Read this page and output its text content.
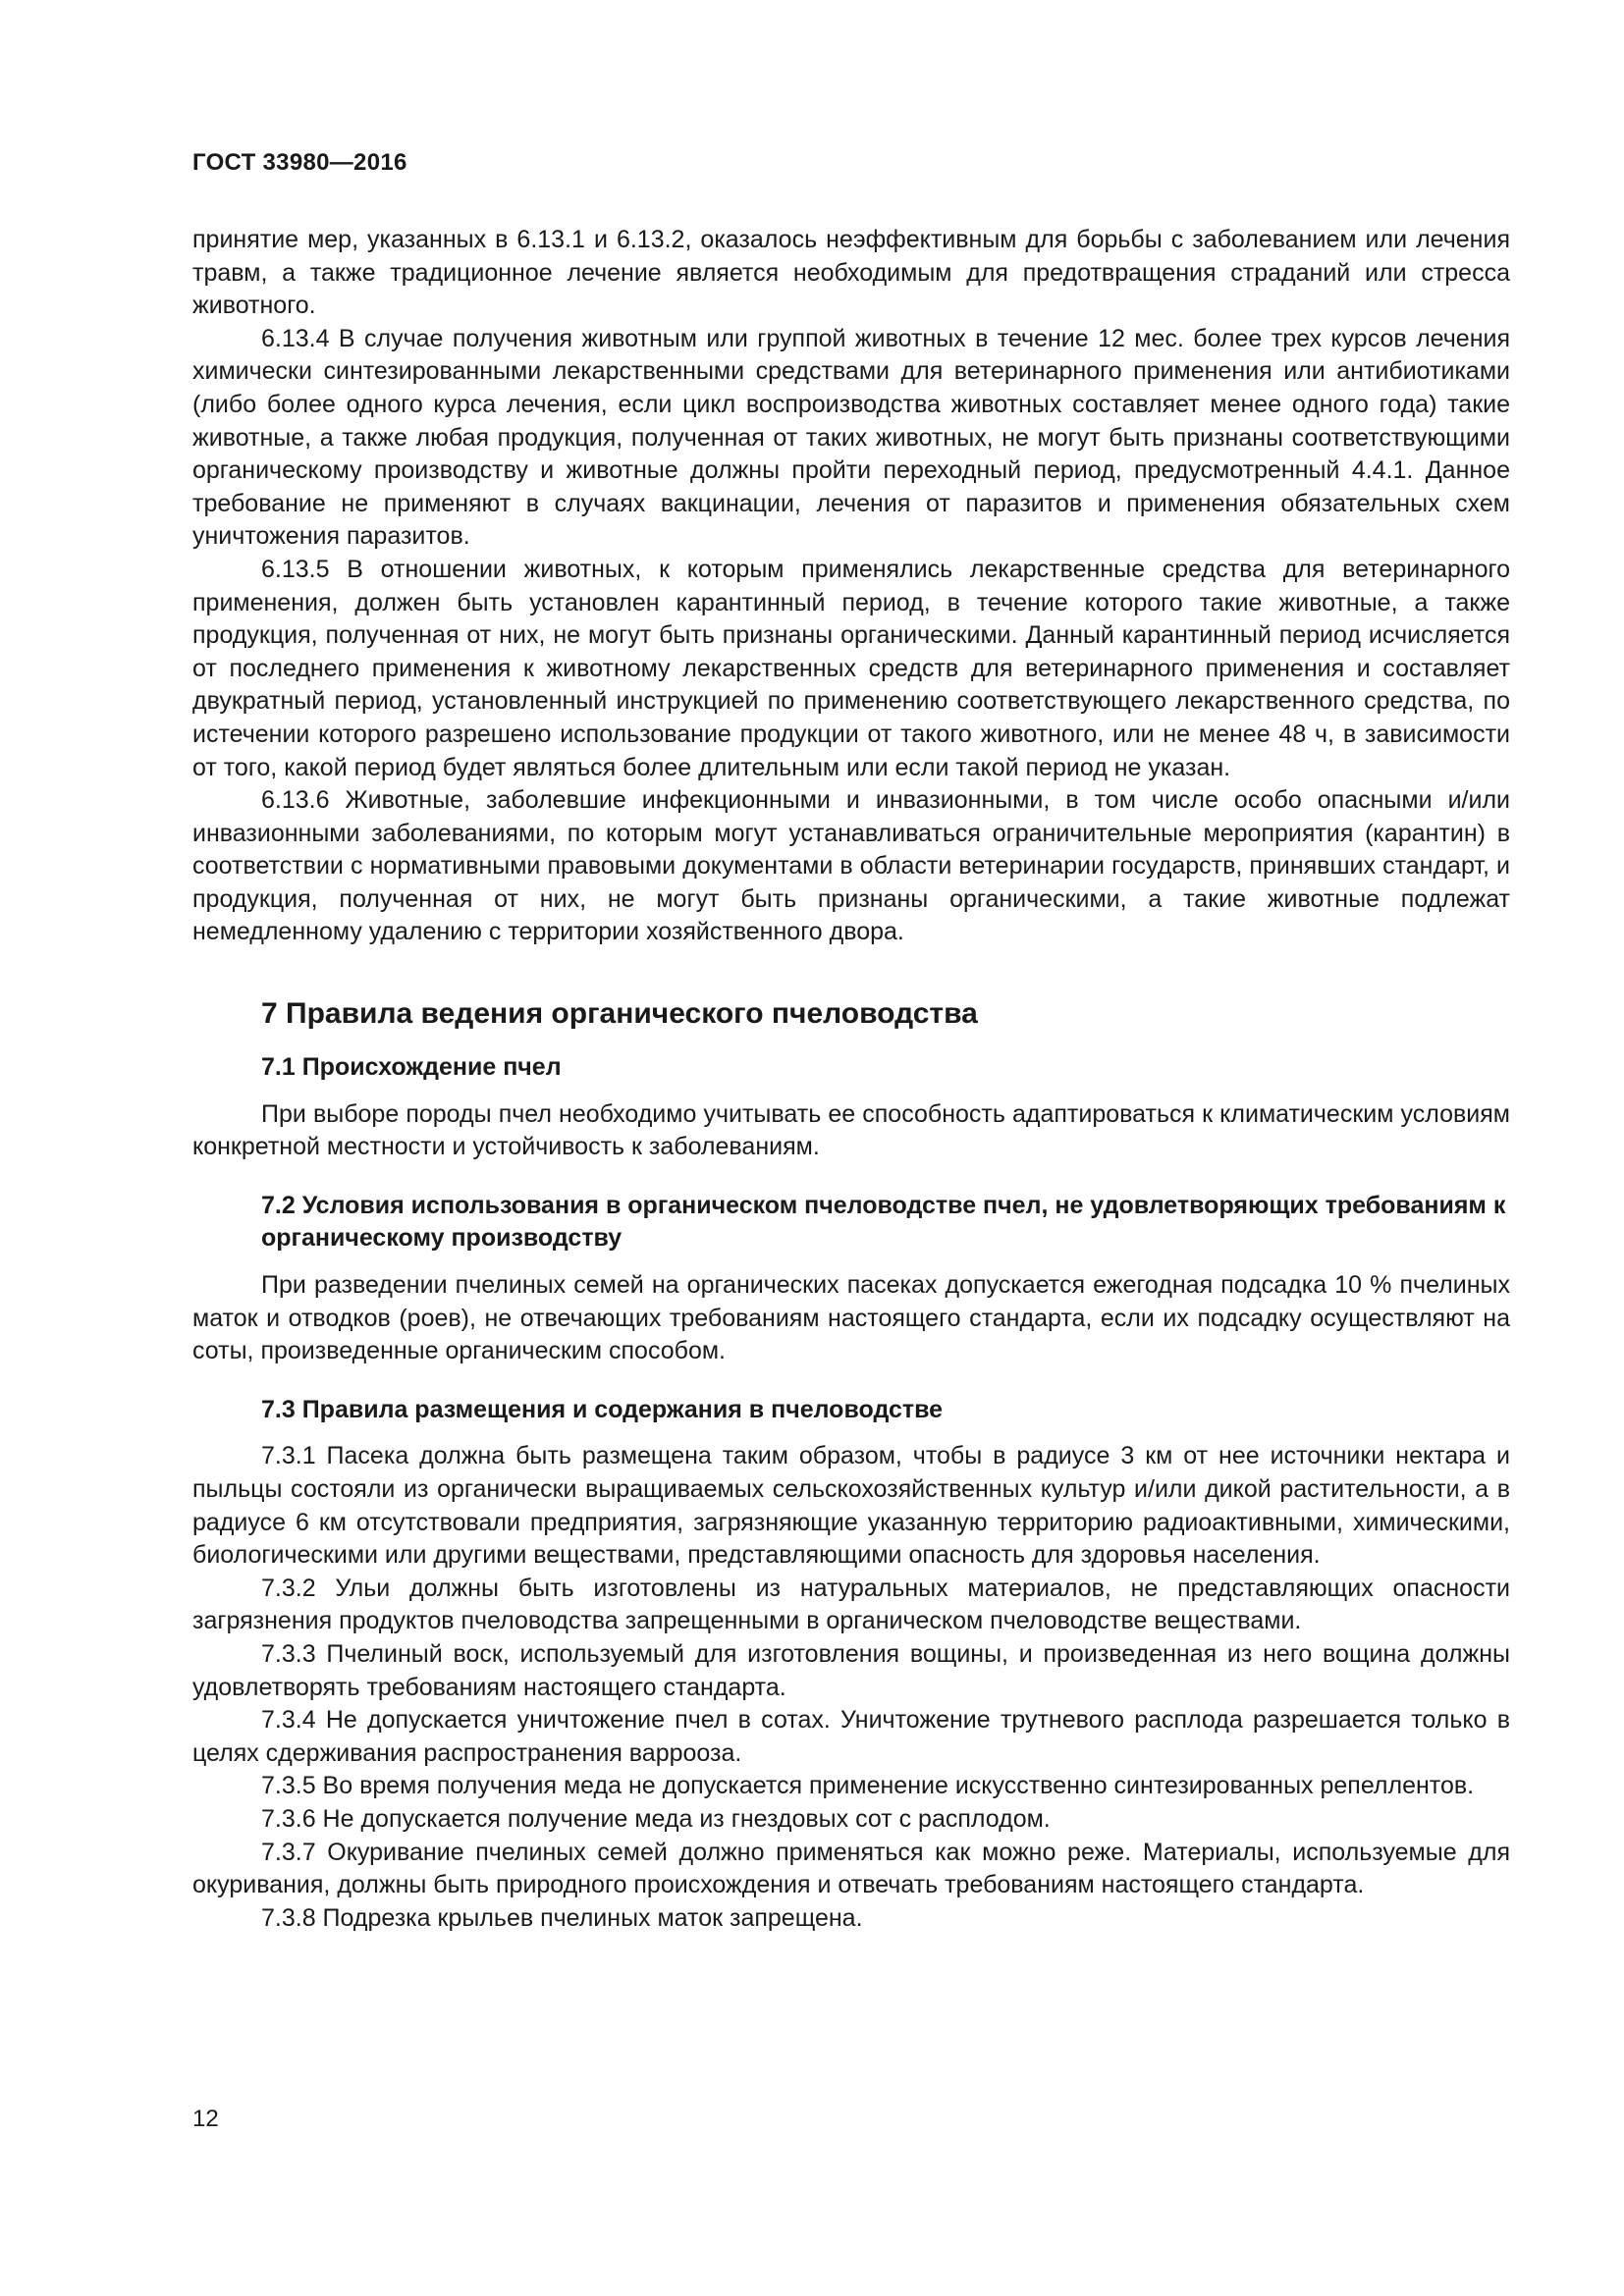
ГОСТ 33980—2016

принятие мер, указанных в 6.13.1 и 6.13.2, оказалось неэффективным для борьбы с заболеванием или лечения травм, а также традиционное лечение является необходимым для предотвращения страданий или стресса животного.

6.13.4 В случае получения животным или группой животных в течение 12 мес. более трех курсов лечения химически синтезированными лекарственными средствами для ветеринарного применения или антибиотиками (либо более одного курса лечения, если цикл воспроизводства животных составляет менее одного года) такие животные, а также любая продукция, полученная от таких животных, не могут быть признаны соответствующими органическому производству и животные должны пройти переходный период, предусмотренный 4.4.1. Данное требование не применяют в случаях вакцинации, лечения от паразитов и применения обязательных схем уничтожения паразитов.

6.13.5 В отношении животных, к которым применялись лекарственные средства для ветеринарного применения, должен быть установлен карантинный период, в течение которого такие животные, а также продукция, полученная от них, не могут быть признаны органическими. Данный карантинный период исчисляется от последнего применения к животному лекарственных средств для ветеринарного применения и составляет двукратный период, установленный инструкцией по применению соответствующего лекарственного средства, по истечении которого разрешено использование продукции от такого животного, или не менее 48 ч, в зависимости от того, какой период будет являться более длительным или если такой период не указан.

6.13.6 Животные, заболевшие инфекционными и инвазионными, в том числе особо опасными и/или инвазионными заболеваниями, по которым могут устанавливаться ограничительные мероприятия (карантин) в соответствии с нормативными правовыми документами в области ветеринарии государств, принявших стандарт, и продукция, полученная от них, не могут быть признаны органическими, а такие животные подлежат немедленному удалению с территории хозяйственного двора.

7 Правила ведения органического пчеловодства
7.1 Происхождение пчел

При выборе породы пчел необходимо учитывать ее способность адаптироваться к климатическим условиям конкретной местности и устойчивость к заболеваниям.

7.2 Условия использования в органическом пчеловодстве пчел, не удовлетворяющих требованиям к органическому производству

При разведении пчелиных семей на органических пасеках допускается ежегодная подсадка 10 % пчелиных маток и отводков (роев), не отвечающих требованиям настоящего стандарта, если их подсадку осуществляют на соты, произведенные органическим способом.

7.3 Правила размещения и содержания в пчеловодстве

7.3.1 Пасека должна быть размещена таким образом, чтобы в радиусе 3 км от нее источники нектара и пыльцы состояли из органически выращиваемых сельскохозяйственных культур и/или дикой растительности, а в радиусе 6 км отсутствовали предприятия, загрязняющие указанную территорию радиоактивными, химическими, биологическими или другими веществами, представляющими опасность для здоровья населения.

7.3.2 Ульи должны быть изготовлены из натуральных материалов, не представляющих опасности загрязнения продуктов пчеловодства запрещенными в органическом пчеловодстве веществами.

7.3.3 Пчелиный воск, используемый для изготовления вощины, и произведенная из него вощина должны удовлетворять требованиям настоящего стандарта.

7.3.4 Не допускается уничтожение пчел в сотах. Уничтожение трутневого расплода разрешается только в целях сдерживания распространения варрооза.

7.3.5 Во время получения меда не допускается применение искусственно синтезированных репеллентов.

7.3.6 Не допускается получение меда из гнездовых сот с расплодом.

7.3.7 Окуривание пчелиных семей должно применяться как можно реже. Материалы, используемые для окуривания, должны быть природного происхождения и отвечать требованиям настоящего стандарта.

7.3.8 Подрезка крыльев пчелиных маток запрещена.

12
